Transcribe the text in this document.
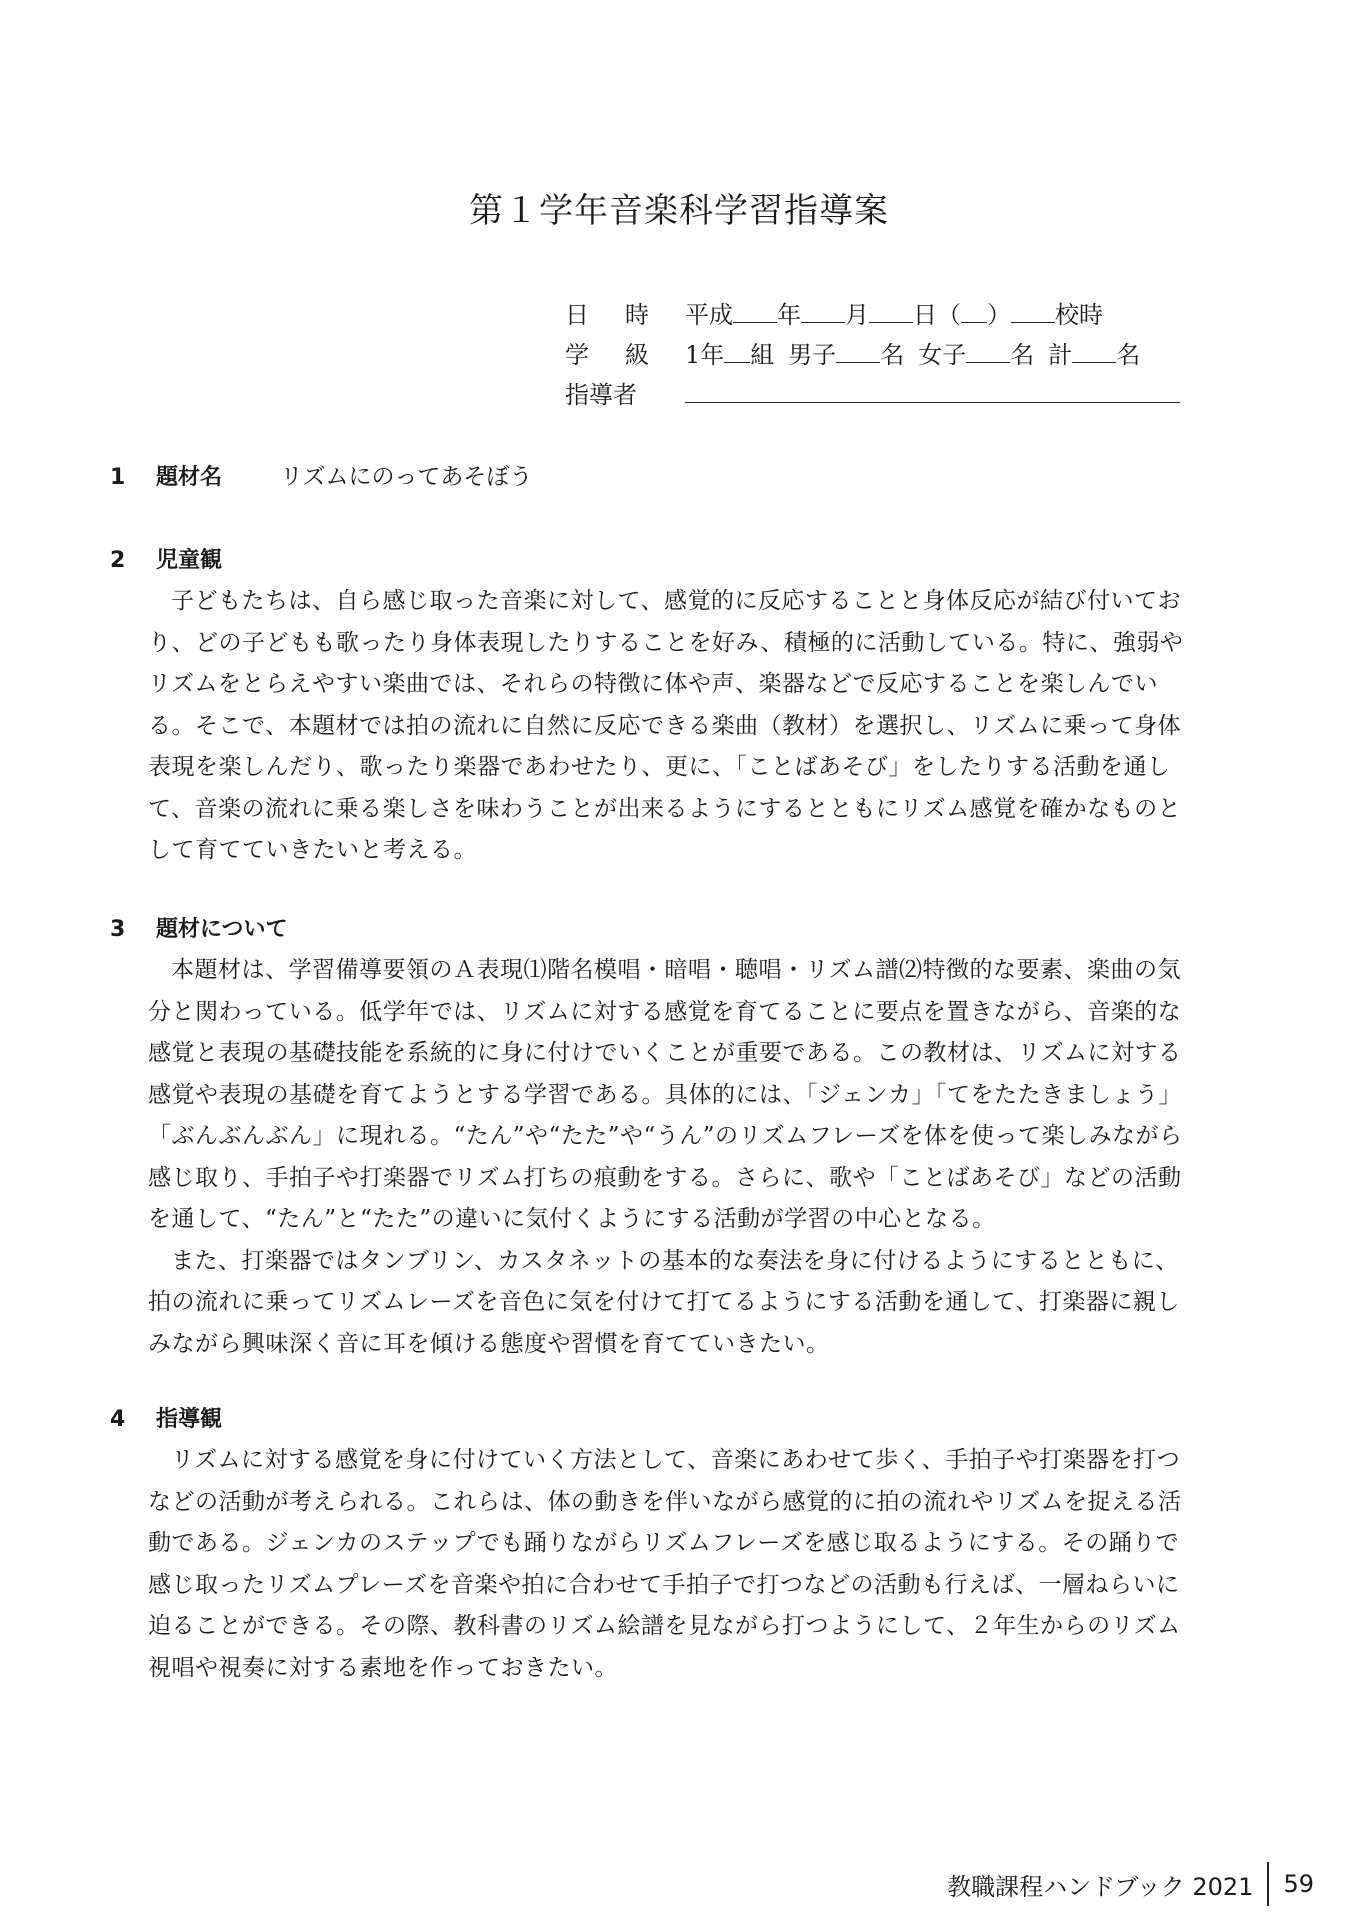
第１学年音楽科学習指導案
日　時	平成 年 月 日（ ） 校時
学　級	1年 組 男子 名 女子 名 計 名
指導者
1 題材名	リズムにのってあそぼう
2 児童観

子どもたちは、自ら感じ取った音楽に対して、感覚的に反応することと身体反応が結び付いており、どの子どもも歌ったり身体表現したりすることを好み、積極的に活動している。特に、強弱やリズムをとらえやすい楽曲では、それらの特徴に体や声、楽器などで反応することを楽しんでいる。そこで、本題材では拍の流れに自然に反応できる楽曲（教材）を選択し、リズムに乗って身体表現を楽しんだり、歌ったり楽器であわせたり、更に、「ことばあそび」をしたりする活動を通して、音楽の流れに乗る楽しさを味わうことが出来るようにするとともにリズム感覚を確かなものとして育てていきたいと考える。

3 題材について

本題材は、学習備導要領のＡ表現⑴階名模唱・暗唱・聴唱・リズム譜⑵特徴的な要素、楽曲の気分と関わっている。低学年では、リズムに対する感覚を育てることに要点を置きながら、音楽的な感覚と表現の基礎技能を系統的に身に付けでいくことが重要である。この教材は、リズムに対する感覚や表現の基礎を育てようとする学習である。具体的には、「ジェンカ」「てをたたきましょう」「ぶんぶんぶん」に現れる。“たん”や“たた”や“うん”のリズムフレーズを体を使って楽しみながら感じ取り、手拍子や打楽器でリズム打ちの痕動をする。さらに、歌や「ことばあそび」などの活動を通して、“たん”と“たた”の違いに気付くようにする活動が学習の中心となる。

また、打楽器ではタンブリン、カスタネットの基本的な奏法を身に付けるようにするとともに、拍の流れに乗ってリズムレーズを音色に気を付けて打てるようにする活動を通して、打楽器に親しみながら興味深く音に耳を傾ける態度や習慣を育てていきたい。

4 指導観

リズムに対する感覚を身に付けていく方法として、音楽にあわせて歩く、手拍子や打楽器を打つなどの活動が考えられる。これらは、体の動きを伴いながら感覚的に拍の流れやリズムを捉える活動である。ジェンカのステップでも踊りながらリズムフレーズを感じ取るようにする。その踊りで感じ取ったリズムプレーズを音楽や拍に合わせて手拍子で打つなどの活動も行えば、一層ねらいに迫ることができる。その際、教科書のリズム絵譜を見ながら打つようにして、２年生からのリズム視唱や視奏に対する素地を作っておきたい。

教職課程ハンドブック 2021 59
